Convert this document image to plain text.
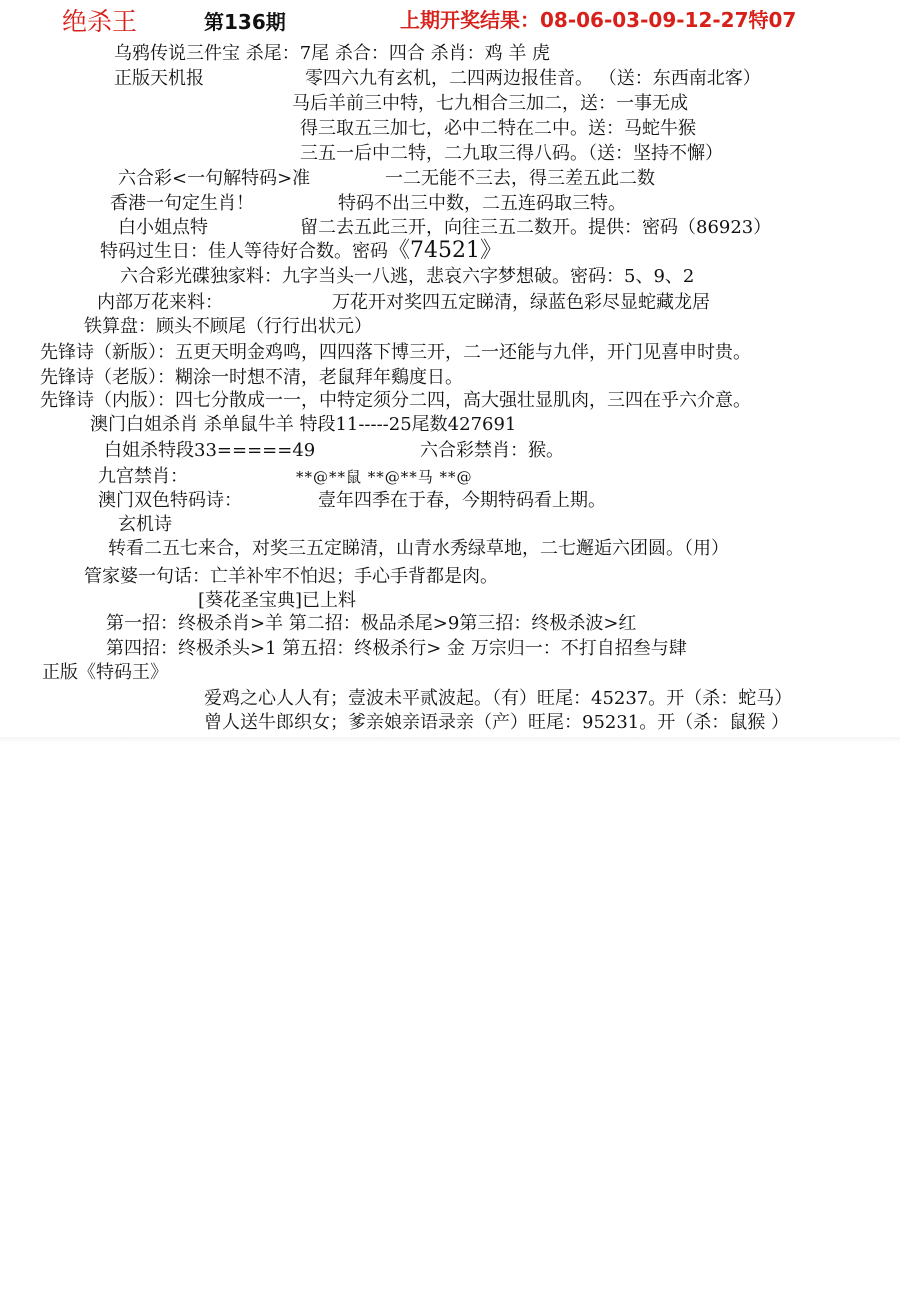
绝杀王	第136期	上期开奖结果：08-06-03-09-12-27特07
乌鸦传说三件宝 杀尾：7尾 杀合：四合 杀肖：鸡 羊 虎
正版天机报	零四六九有玄机，二四两边报佳音。 （送：东西南北客）
马后羊前三中特，七九相合三加二，送：一事无成
得三取五三加七，必中二特在二中。送：马蛇牛猴
三五一后中二特，二九取三得八码。（送：坚持不懈）
六合彩<一句解特码>准	一二无能不三去，得三差五此二数
香港一句定生肖！	特码不出三中数，二五连码取三特。
白小姐点特	留二去五此三开，向往三五二数开。提供：密码（86923）
特码过生日：佳人等待好合数。密码《74521》
六合彩光碟独家料：九字当头一八逃，悲哀六字梦想破。密码：5、9、2
内部万花来料：	万花开对奖四五定睇清，绿蓝色彩尽显蛇藏龙居
铁算盘：顾头不顾尾（行行出状元）
先锋诗（新版）：五更天明金鸡鸣，四四落下博三开，二一还能与九伴，开门见喜申时贵。
先锋诗（老版）：糊涂一时想不清，老鼠拜年鷄度日。
先锋诗（内版）：四七分散成一一，中特定须分二四，高大强壮显肌肉，三四在乎六介意。
澳门白姐杀肖 杀单鼠牛羊 特段11-----25尾数427691
白姐杀特段33=====49	六合彩禁肖：猴。
九宫禁肖：	**@**鼠 **@**马 **@
澳门双色特码诗：	壹年四季在于春，今期特码看上期。
玄机诗
转看二五七来合，对奖三五定睇清，山青水秀绿草地，二七邂逅六团圆。（用）
管家婆一句话：亡羊补牢不怕迟；手心手背都是肉。
[葵花圣宝典]已上料
第一招：终极杀肖>羊 第二招：极品杀尾>9第三招：终极杀波>红
第四招：终极杀头>1 第五招：终极杀行> 金 万宗归一：不打自招叁与肆
正版《特码王》
爱鸡之心人人有；壹波未平贰波起。（有）旺尾：45237。开（杀：蛇马）
曾人送牛郎织女；爹亲娘亲语录亲（产）旺尾：95231。开（杀：鼠猴 ）
